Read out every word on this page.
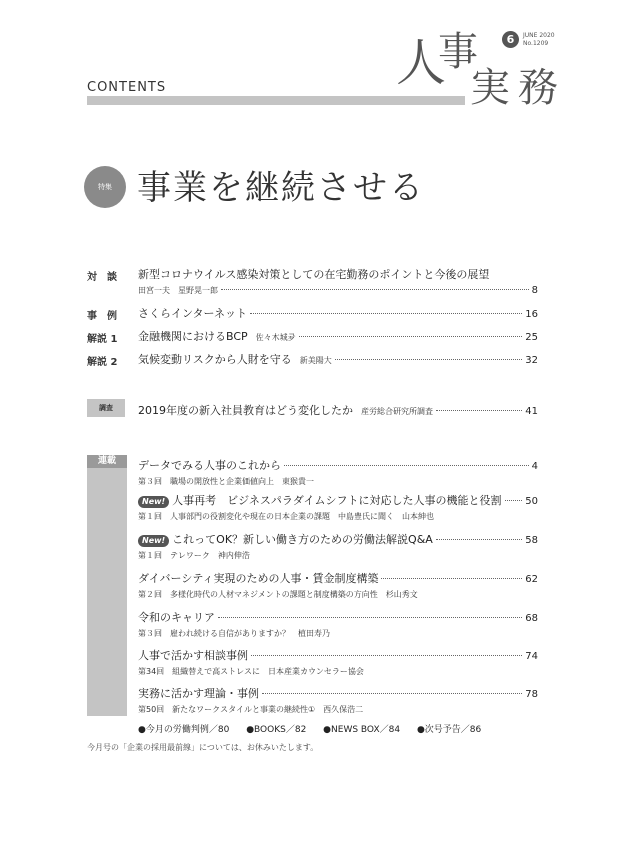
CONTENTS	人
事
実 務
6	JUNE 2020
No.1209
特集 事業を継続させる
対　談	新型コロナウイルス感染対策としての在宅勤務のポイントと今後の展望
田宮一夫　星野晃一郎	8
事　例	さくらインターネット	16
解説 1	金融機関におけるBCP 佐々木城夛	25
解説 2	気候変動リスクから人財を守る 新美陽大	32
調査	2019年度の新入社員教育はどう変化したか 産労総合研究所調査	41
連載	データでみる人事のこれから	4
第３回　職場の開放性と企業価値向上　東猴貴一
New! 人事再考　ビジネスパラダイムシフトに対応した人事の機能と役割 50
第１回　人事部門の役割変化や現在の日本企業の課題　中島豊氏に聞く　山本紳也
New! これってOK？新しい働き方のための労働法解説Q&A	58
第１回　テレワーク　神内伸浩
ダイバーシティ実現のための人事・賃金制度構築	62
第２回　多様化時代の人材マネジメントの課題と制度構築の方向性　杉山秀文
令和のキャリア	68
第３回　雇われ続ける自信がありますか？　植田寿乃
人事で活かす相談事例	74
第34回　組織替えで高ストレスに　日本産業カウンセラー協会
実務に活かす理論・事例	78
第50回　新たなワークスタイルと事業の継続性①　西久保浩二
●今月の労働判例／80 ●BOOKS／82 ●NEWS BOX／84 ●次号予告／86
今月号の「企業の採用最前線」については、お休みいたします。
